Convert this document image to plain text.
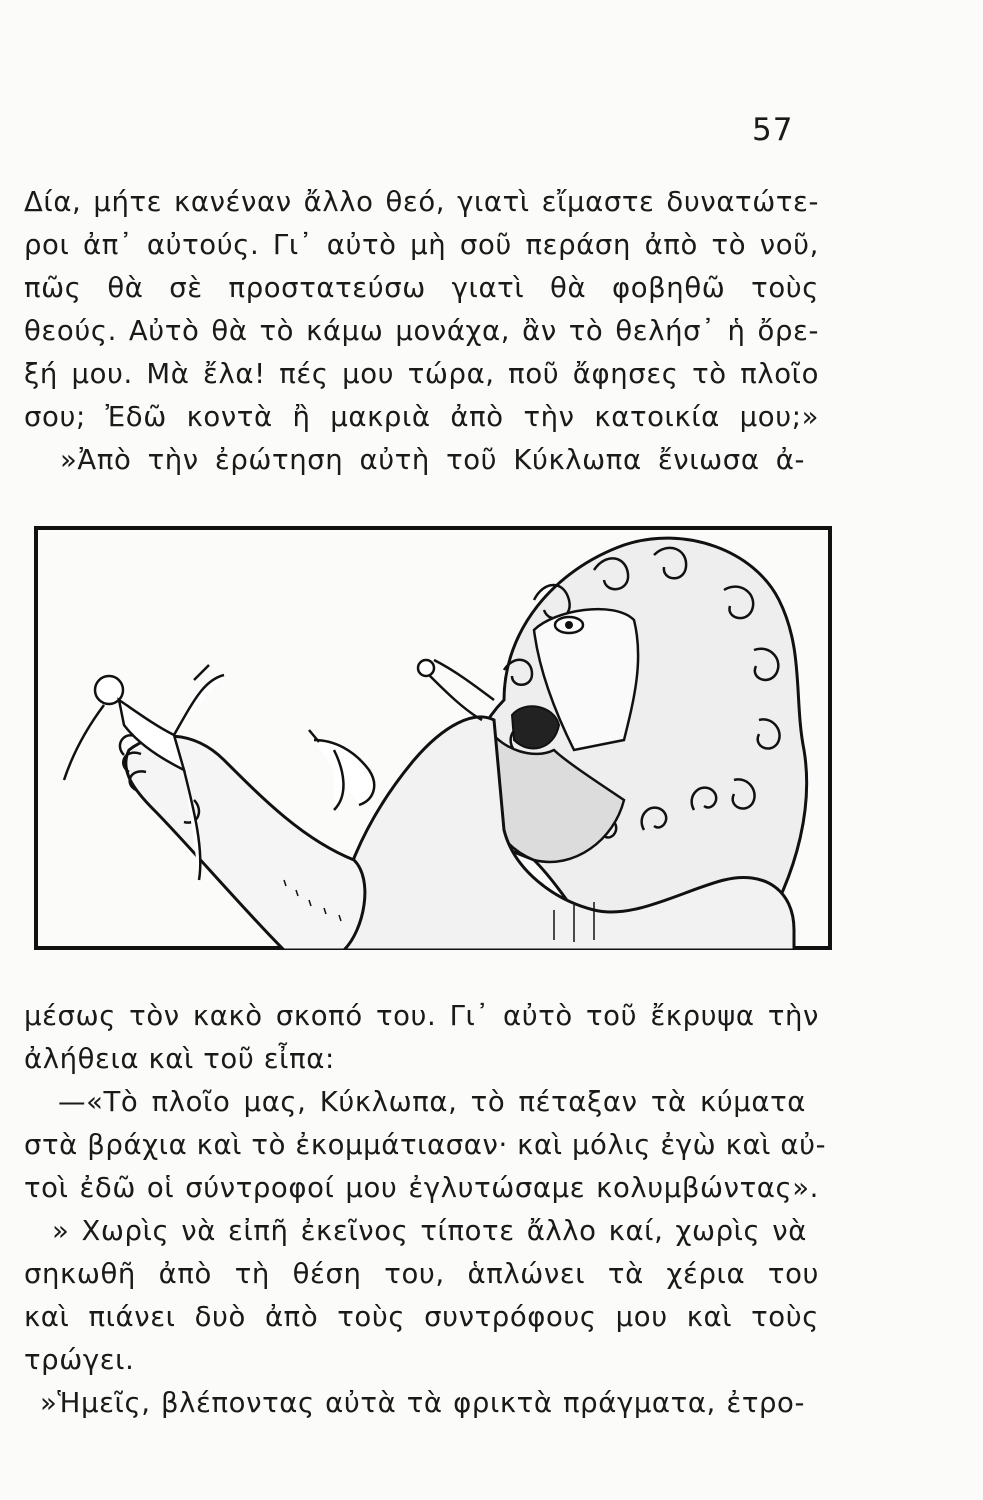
57
Δία, μήτε κανέναν ἄλλο θεό, γιατὶ εἴμαστε δυνατώτε-
ροι ἀπ᾽ αὐτούς. Γι᾽ αὐτὸ μὴ σοῦ περάση ἀπὸ τὸ νοῦ,
πῶς θὰ σὲ προστατεύσω γιατὶ θὰ φοβηθῶ τοὺς
θεούς. Αὐτὸ θὰ τὸ κάμω μονάχα, ἂν τὸ θελήσ᾽ ἡ ὄρε-
ξή μου. Μὰ ἔλα! πές μου τώρα, ποῦ ἄφησες τὸ πλοῖο
σου; Ἐδῶ κοντὰ ἢ μακριὰ ἀπὸ τὴν κατοικία μου;»
»Ἀπὸ τὴν ἐρώτηση αὐτὴ τοῦ Κύκλωπα ἔνιωσα ἀ-
μέσως τὸν κακὸ σκοπό του. Γι᾽ αὐτὸ τοῦ ἔκρυψα τὴν
ἀλήθεια καὶ τοῦ εἶπα:
—«Τὸ πλοῖο μας, Κύκλωπα, τὸ πέταξαν τὰ κύματα
στὰ βράχια καὶ τὸ ἐκομμάτιασαν· καὶ μόλις ἐγὼ καὶ αὐ-
τοὶ ἐδῶ οἱ σύντροφοί μου ἐγλυτώσαμε κολυμβώντας».
» Χωρὶς νὰ εἰπῆ ἐκεῖνος τίποτε ἄλλο καί, χωρὶς νὰ
σηκωθῆ ἀπὸ τὴ θέση του, ἁπλώνει τὰ χέρια του
καὶ πιάνει δυὸ ἀπὸ τοὺς συντρόφους μου καὶ τοὺς
τρώγει.
»Ἡμεῖς, βλέποντας αὐτὰ τὰ φρικτὰ πράγματα, ἐτρο-
